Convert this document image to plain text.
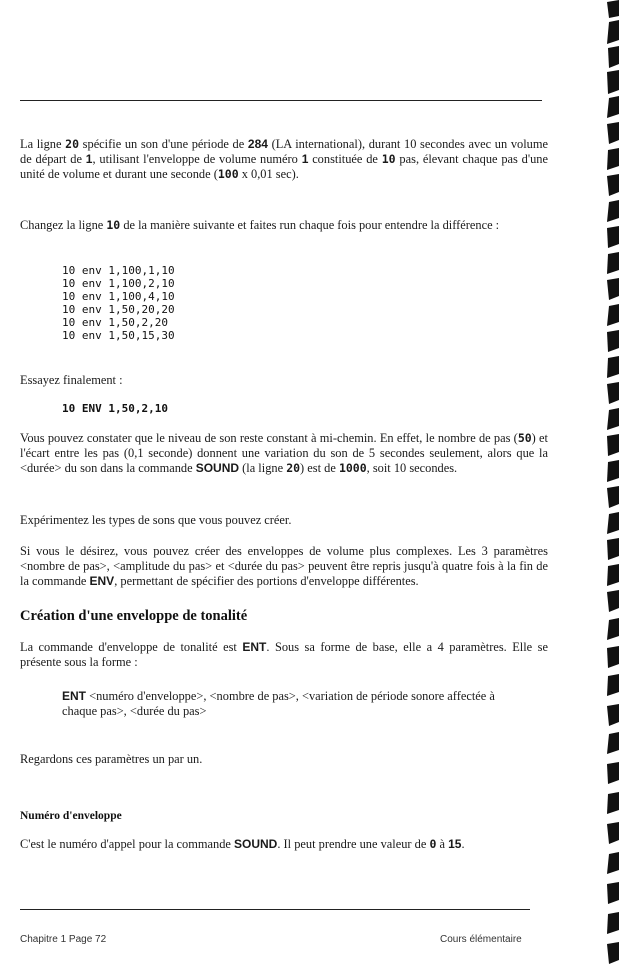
La ligne 20 spécifie un son d'une période de 284 (LA international), durant 10 secondes avec un volume de départ de 1, utilisant l'enveloppe de volume numéro 1 constituée de 10 pas, élevant chaque pas d'une unité de volume et durant une seconde (100 x 0,01 sec).

Changez la ligne 10 de la manière suivante et faites run chaque fois pour entendre la différence :

10 env 1,100,1,10
10 env 1,100,2,10
10 env 1,100,4,10
10 env 1,50,20,20
10 env 1,50,2,20
10 env 1,50,15,30

Essayez finalement :

10 ENV 1,50,2,10

Vous pouvez constater que le niveau de son reste constant à mi-chemin. En effet, le nombre de pas (50) et l'écart entre les pas (0,1 seconde) donnent une variation du son de 5 secondes seulement, alors que la <durée> du son dans la commande SOUND (la ligne 20) est de 1000, soit 10 secondes.

Expérimentez les types de sons que vous pouvez créer.

Si vous le désirez, vous pouvez créer des enveloppes de volume plus complexes. Les 3 paramètres <nombre de pas>, <amplitude du pas> et <durée du pas> peuvent être repris jusqu'à quatre fois à la fin de la commande ENV, permettant de spécifier des portions d'enveloppe différentes.

Création d'une enveloppe de tonalité

La commande d'enveloppe de tonalité est ENT. Sous sa forme de base, elle a 4 paramètres. Elle se présente sous la forme :

ENT <numéro d'enveloppe>, <nombre de pas>, <variation de période sonore affectée à chaque pas>, <durée du pas>

Regardons ces paramètres un par un.

Numéro d'enveloppe

C'est le numéro d'appel pour la commande SOUND. Il peut prendre une valeur de 0 à 15.

Chapitre 1 Page 72	Cours élémentaire
